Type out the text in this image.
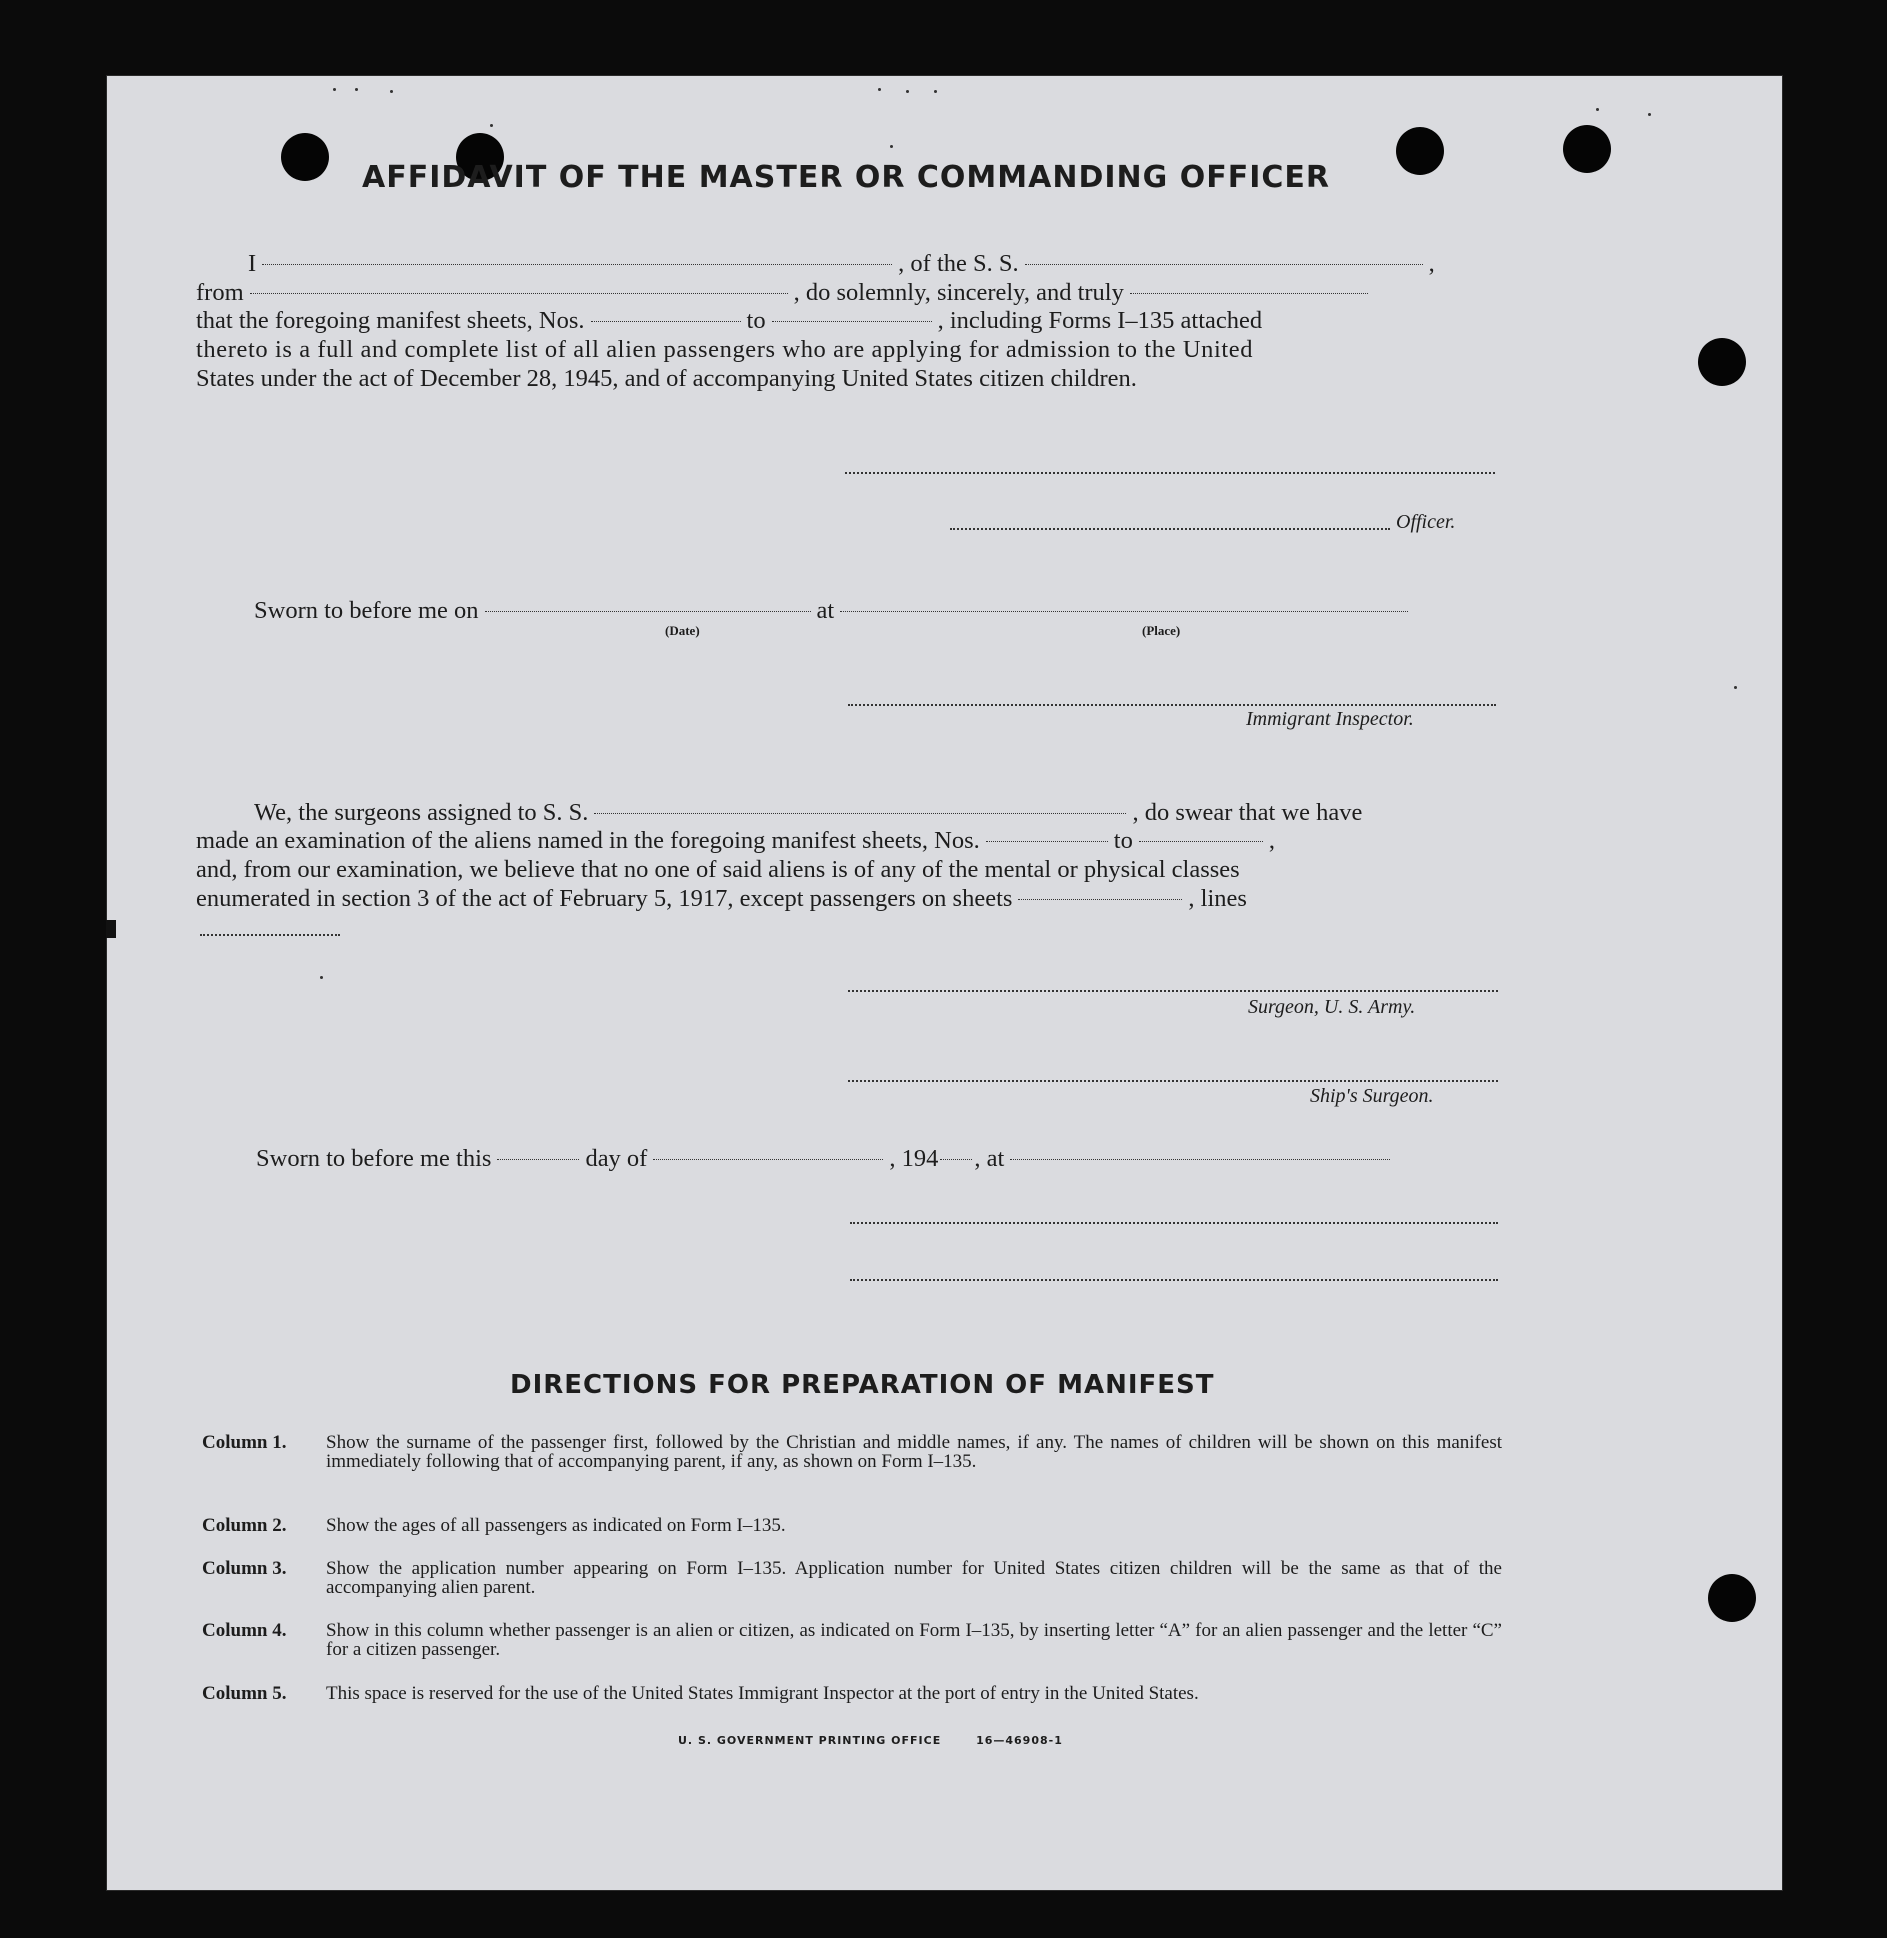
AFFIDAVIT OF THE MASTER OR COMMANDING OFFICER
I	, of the S. S.	,
from	, do solemnly, sincerely, and truly
that the foregoing manifest sheets, Nos.	to	, including Forms I–135 attached
thereto is a full and complete list of all alien passengers who are applying for admission to the United
States under the act of December 28, 1945, and of accompanying United States citizen children.
Officer.
Sworn to before me on	at
(Date)	(Place)
Immigrant Inspector.
We, the surgeons assigned to S. S.	, do swear that we have
made an examination of the aliens named in the foregoing manifest sheets, Nos.	to	,
and, from our examination, we believe that no one of said aliens is of any of the mental or physical classes
enumerated in section 3 of the act of February 5, 1917, except passengers on sheets	, lines
Surgeon, U. S. Army.
Ship's Surgeon.
Sworn to before me this	day of	, 194 , at
DIRECTIONS FOR PREPARATION OF MANIFEST
Column 1. Show the surname of the passenger first, followed by the Christian and middle names, if any. The names of children will be shown on this manifest immediately following that of accompanying parent, if any, as shown on Form I–135.
Column 2. Show the ages of all passengers as indicated on Form I–135.
Column 3. Show the application number appearing on Form I–135. Application number for United States citizen children will be the same as that of the accompanying alien parent.
Column 4. Show in this column whether passenger is an alien or citizen, as indicated on Form I–135, by inserting letter “A” for an alien passenger and the letter “C” for a citizen passenger.
Column 5. This space is reserved for the use of the United States Immigrant Inspector at the port of entry in the United States.
U. S. GOVERNMENT PRINTING OFFICE	16—46908-1
